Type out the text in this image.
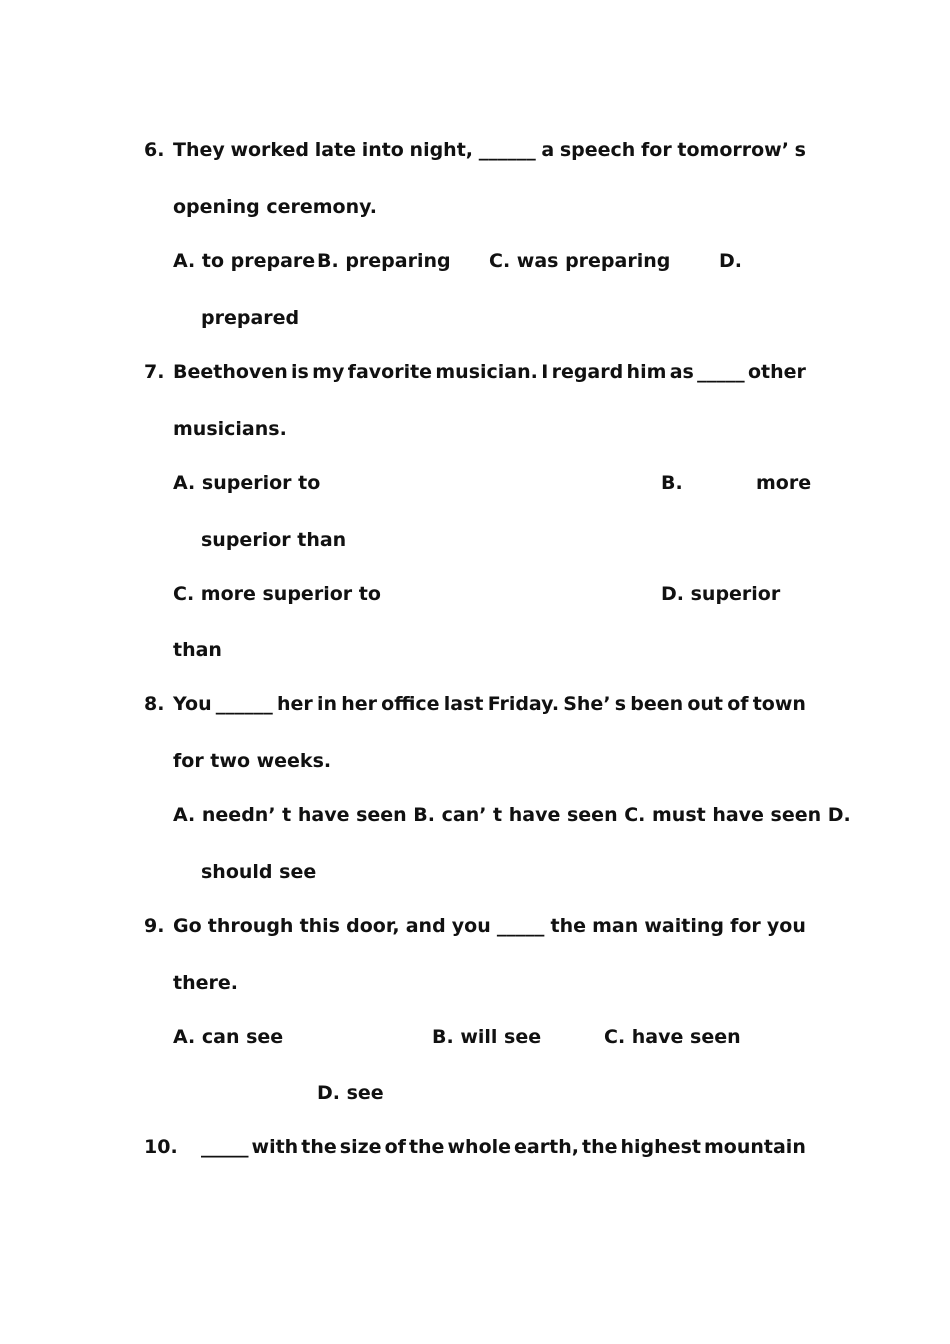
6. They worked late into night, ______ a speech for tomorrow’ s
opening ceremony.
A. to prepare B. preparing C. was preparing	D.
prepared
7. Beethoven is my favorite musician. I regard him as _____ other
musicians.
A. superior to	B.	more
superior than
C. more superior to	D. superior
than
8. You ______ her in her office last Friday. She’ s been out of town
for two weeks.
A. needn’ t have seen B. can’ t have seen C. must have seen D.
should see
9. Go through this door, and you _____ the man waiting for you
there.
A. can see	B. will see	C. have seen
D. see
10. _____ with the size of the whole earth, the highest mountain
